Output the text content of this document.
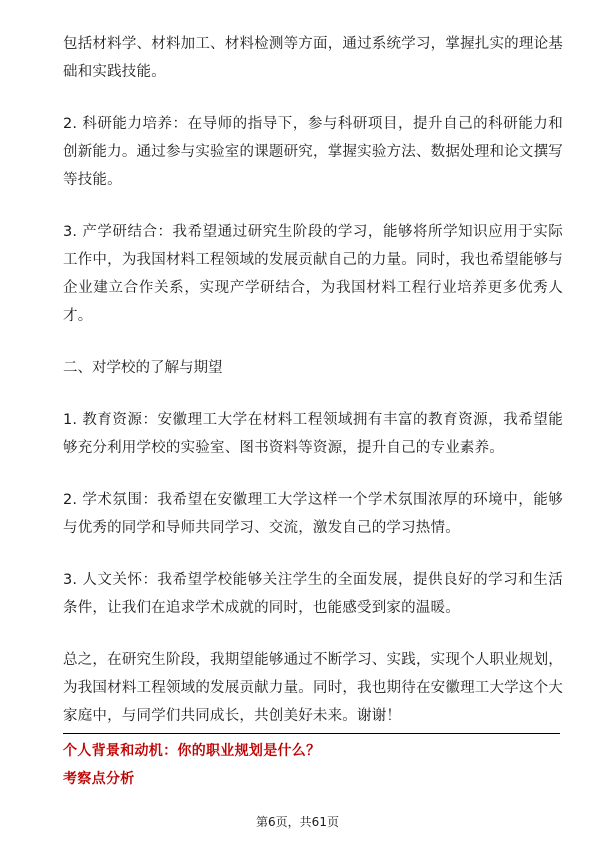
包括材料学、材料加工、材料检测等方面，通过系统学习，掌握扎实的理论基础和实践技能。

2. 科研能力培养：在导师的指导下，参与科研项目，提升自己的科研能力和创新能力。通过参与实验室的课题研究，掌握实验方法、数据处理和论文撰写等技能。

3. 产学研结合：我希望通过研究生阶段的学习，能够将所学知识应用于实际工作中，为我国材料工程领域的发展贡献自己的力量。同时，我也希望能够与企业建立合作关系，实现产学研结合，为我国材料工程行业培养更多优秀人才。

二、对学校的了解与期望

1. 教育资源：安徽理工大学在材料工程领域拥有丰富的教育资源，我希望能够充分利用学校的实验室、图书资料等资源，提升自己的专业素养。

2. 学术氛围：我希望在安徽理工大学这样一个学术氛围浓厚的环境中，能够与优秀的同学和导师共同学习、交流，激发自己的学习热情。

3. 人文关怀：我希望学校能够关注学生的全面发展，提供良好的学习和生活条件，让我们在追求学术成就的同时，也能感受到家的温暖。

总之，在研究生阶段，我期望能够通过不断学习、实践，实现个人职业规划，为我国材料工程领域的发展贡献力量。同时，我也期待在安徽理工大学这个大家庭中，与同学们共同成长，共创美好未来。谢谢！

个人背景和动机：你的职业规划是什么？
考察点分析
第6页，共61页
